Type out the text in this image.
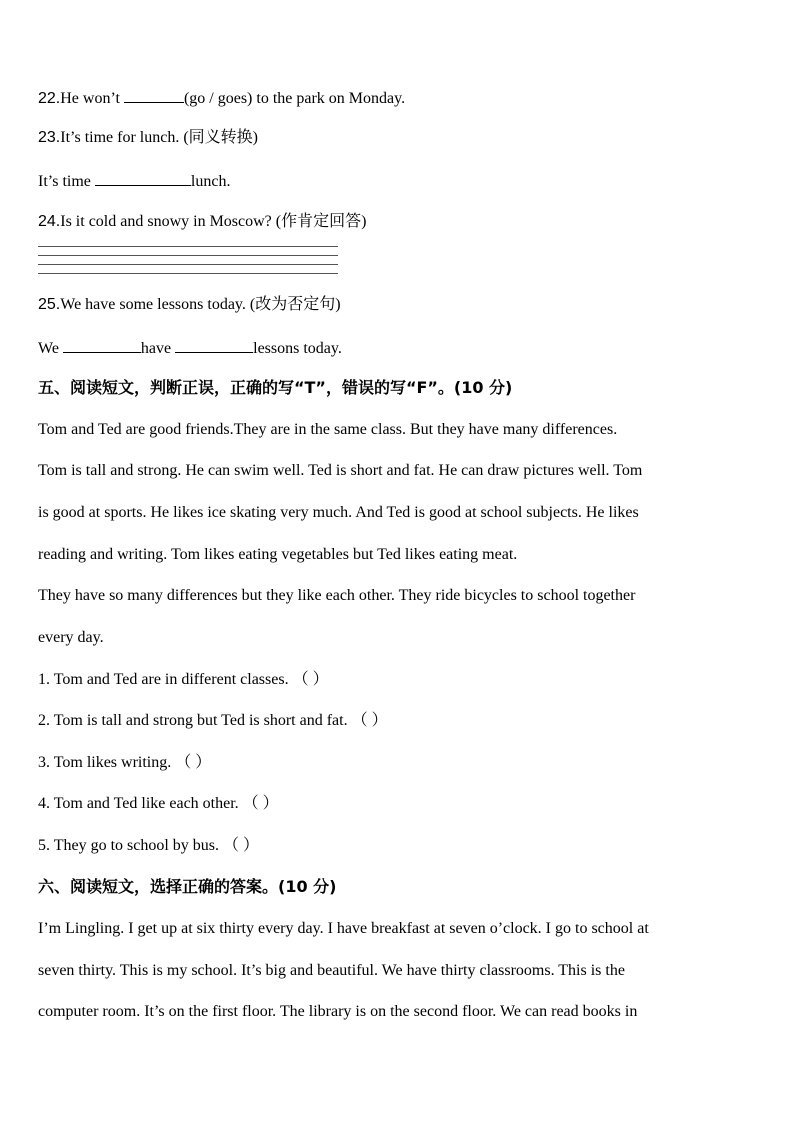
22.He won’t	(go / goes) to the park on Monday.
23.It’s time for lunch. (同义转换)
It’s time	lunch.
24.Is it cold and snowy in Moscow? (作肯定回答)
25.We have some lessons today. (改为否定句)
We	have	lessons today.
五、阅读短文，判断正误，正确的写“T”，错误的写“F”。(10 分)
Tom and Ted are good friends.They are in the same class. But they have many differences.
Tom is tall and strong. He can swim well. Ted is short and fat. He can draw pictures well. Tom
is good at sports. He likes ice skating very much. And Ted is good at school subjects. He likes
reading and writing. Tom likes eating vegetables but Ted likes eating meat.
They have so many differences but they like each other. They ride bicycles to school together
every day.
1. Tom and Ted are in different classes. （ ）
2. Tom is tall and strong but Ted is short and fat. （ ）
3. Tom likes writing. （ ）
4. Tom and Ted like each other. （ ）
5. They go to school by bus. （ ）
六、阅读短文，选择正确的答案。(10 分)
I’m Lingling. I get up at six thirty every day. I have breakfast at seven o’clock. I go to school at
seven thirty. This is my school. It’s big and beautiful. We have thirty classrooms. This is the
computer room. It’s on the first floor. The library is on the second floor. We can read books in
